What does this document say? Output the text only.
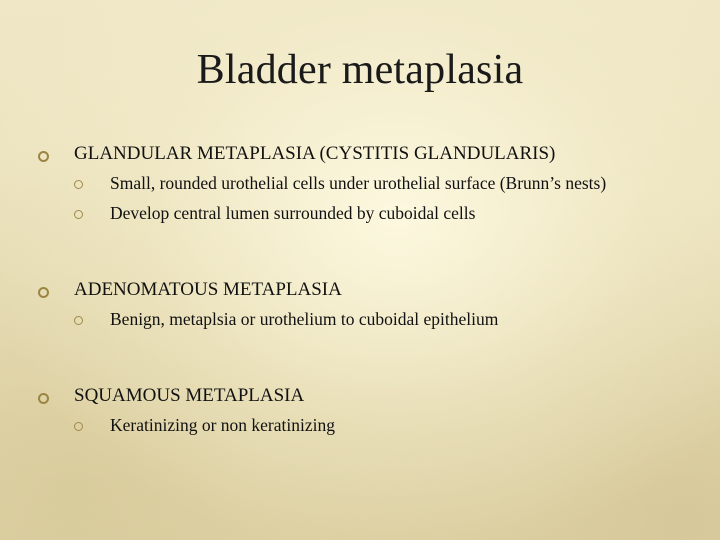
Bladder metaplasia
GLANDULAR METAPLASIA (CYSTITIS GLANDULARIS)
Small, rounded urothelial cells under urothelial surface (Brunn’s nests)
Develop central lumen surrounded by cuboidal cells
ADENOMATOUS METAPLASIA
Benign, metaplsia or urothelium to cuboidal epithelium
SQUAMOUS METAPLASIA
Keratinizing or non keratinizing
